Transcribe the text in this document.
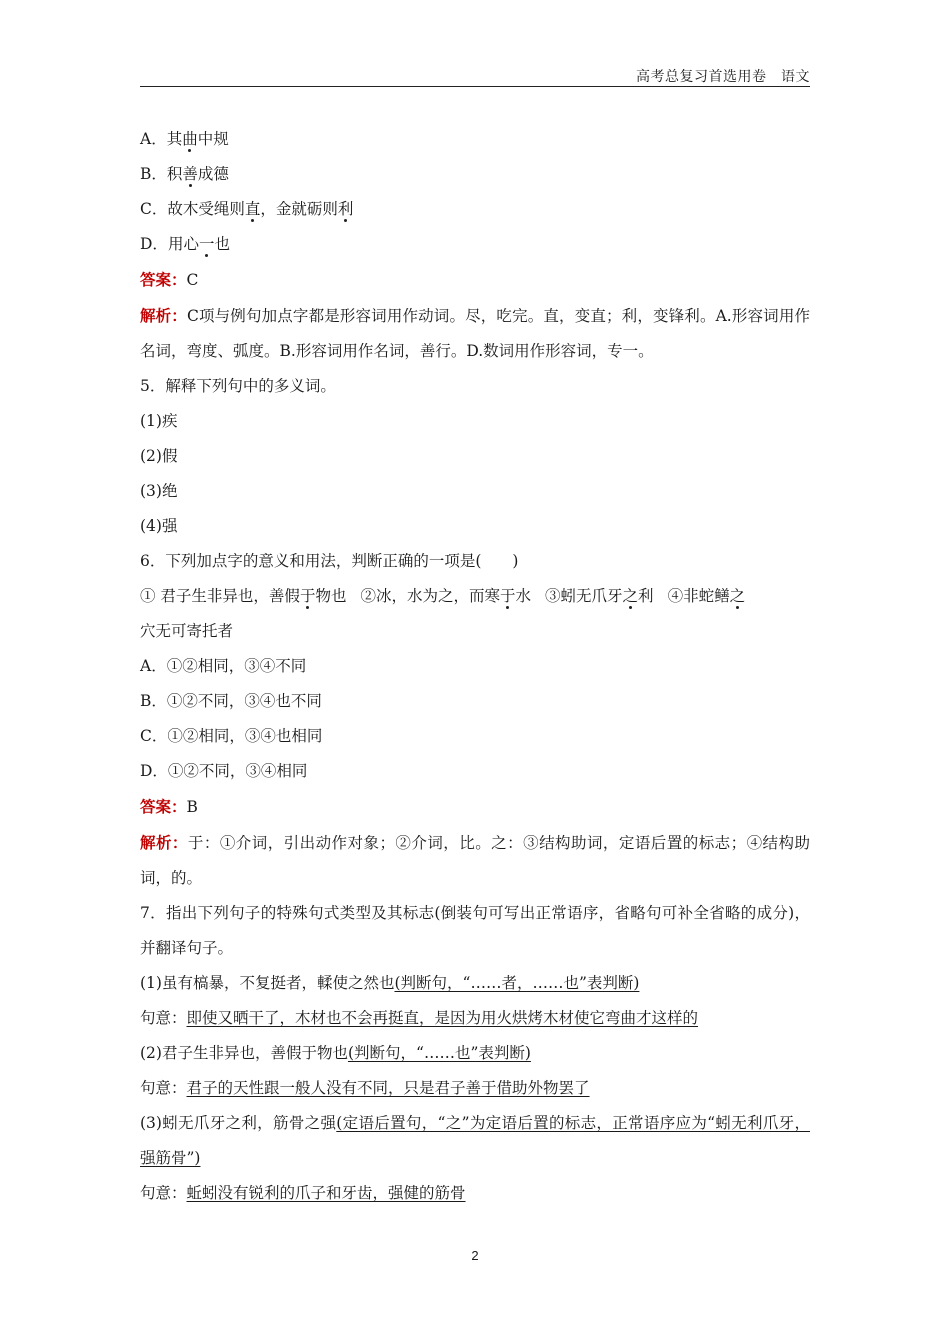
高考总复习首选用卷　语文

A．其曲中规

B．积善成德

C．故木受绳则直，金就砺则利

D．用心一也

答案：C

解析：C项与例句加点字都是形容词用作动词。尽，吃完。直，变直；利，变锋利。A.形容词用作名词，弯度、弧度。B.形容词用作名词，善行。D.数词用作形容词，专一。

5．解释下列句中的多义词。

(1)疾

(2)假

(3)绝

(4)强

6．下列加点字的意义和用法，判断正确的一项是(　　)

① 君子生非异也，善假于物也 ②冰，水为之，而寒于水 ③蚓无爪牙之利 ④非蛇鳝之

穴无可寄托者

A．①②相同，③④不同

B．①②不同，③④也不同

C．①②相同，③④也相同

D．①②不同，③④相同

答案：B

解析：于：①介词，引出动作对象；②介词，比。之：③结构助词，定语后置的标志；④结构助词，的。

7．指出下列句子的特殊句式类型及其标志(倒装句可写出正常语序，省略句可补全省略的成分)，并翻译句子。

(1)虽有槁暴，不复挺者，輮使之然也(判断句，“……者，……也”表判断)

句意：即使又晒干了，木材也不会再挺直，是因为用火烘烤木材使它弯曲才这样的

(2)君子生非异也，善假于物也(判断句，“……也”表判断)

句意：君子的天性跟一般人没有不同，只是君子善于借助外物罢了

(3)蚓无爪牙之利，筋骨之强(定语后置句，“之”为定语后置的标志，正常语序应为“蚓无利爪牙，强筋骨”)

句意：蚯蚓没有锐利的爪子和牙齿，强健的筋骨

2
